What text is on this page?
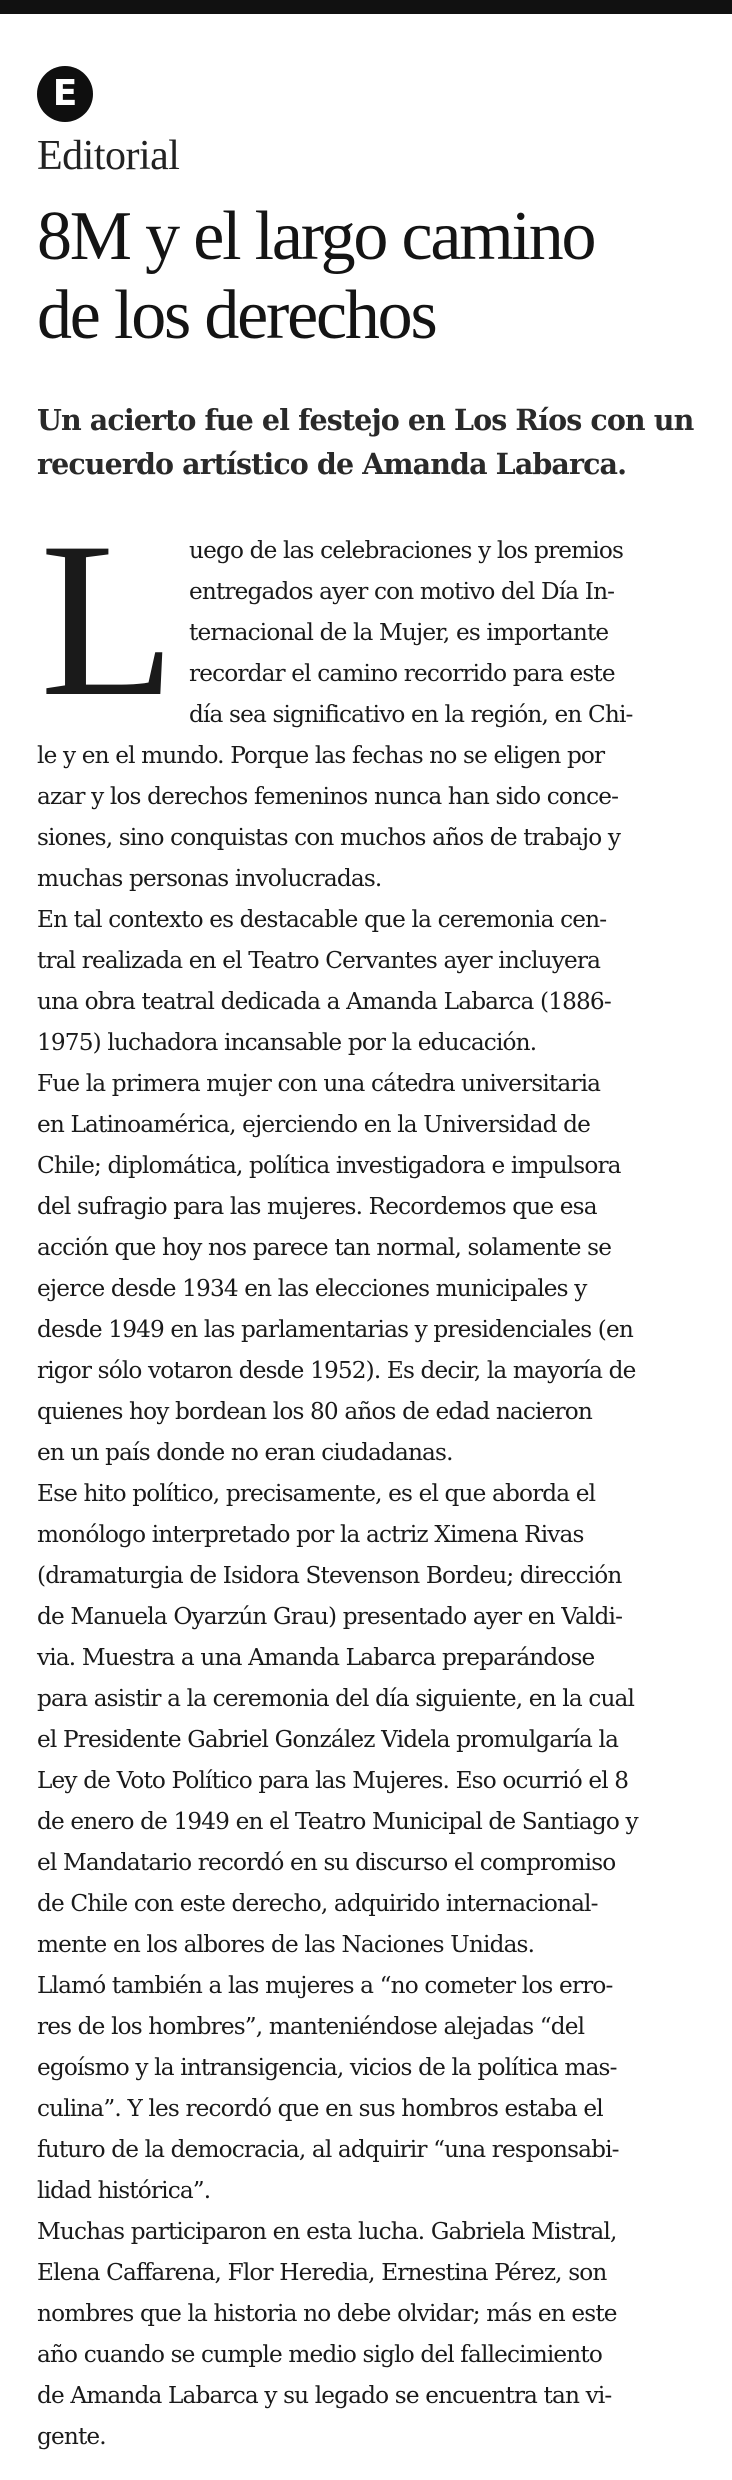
E
Editorial
8M y el largo camino
de los derechos
Un acierto fue el festejo en Los Ríos con un
recuerdo artístico de Amanda Labarca.
L uego de las celebraciones y los premios
entregados ayer con motivo del Día In-
ternacional de la Mujer, es importante
recordar el camino recorrido para este
día sea significativo en la región, en Chi-
le y en el mundo. Porque las fechas no se eligen por
azar y los derechos femeninos nunca han sido conce-
siones, sino conquistas con muchos años de trabajo y
muchas personas involucradas.
En tal contexto es destacable que la ceremonia cen-
tral realizada en el Teatro Cervantes ayer incluyera
una obra teatral dedicada a Amanda Labarca (1886-
1975) luchadora incansable por la educación.
Fue la primera mujer con una cátedra universitaria
en Latinoamérica, ejerciendo en la Universidad de
Chile; diplomática, política investigadora e impulsora
del sufragio para las mujeres. Recordemos que esa
acción que hoy nos parece tan normal, solamente se
ejerce desde 1934 en las elecciones municipales y
desde 1949 en las parlamentarias y presidenciales (en
rigor sólo votaron desde 1952). Es decir, la mayoría de
quienes hoy bordean los 80 años de edad nacieron
en un país donde no eran ciudadanas.
Ese hito político, precisamente, es el que aborda el
monólogo interpretado por la actriz Ximena Rivas
(dramaturgia de Isidora Stevenson Bordeu; dirección
de Manuela Oyarzún Grau) presentado ayer en Valdi-
via. Muestra a una Amanda Labarca preparándose
para asistir a la ceremonia del día siguiente, en la cual
el Presidente Gabriel González Videla promulgaría la
Ley de Voto Político para las Mujeres. Eso ocurrió el 8
de enero de 1949 en el Teatro Municipal de Santiago y
el Mandatario recordó en su discurso el compromiso
de Chile con este derecho, adquirido internacional-
mente en los albores de las Naciones Unidas.
Llamó también a las mujeres a “no cometer los erro-
res de los hombres”, manteniéndose alejadas “del
egoísmo y la intransigencia, vicios de la política mas-
culina”. Y les recordó que en sus hombros estaba el
futuro de la democracia, al adquirir “una responsabi-
lidad histórica”.
Muchas participaron en esta lucha. Gabriela Mistral,
Elena Caffarena, Flor Heredia, Ernestina Pérez, son
nombres que la historia no debe olvidar; más en este
año cuando se cumple medio siglo del fallecimiento
de Amanda Labarca y su legado se encuentra tan vi-
gente.
